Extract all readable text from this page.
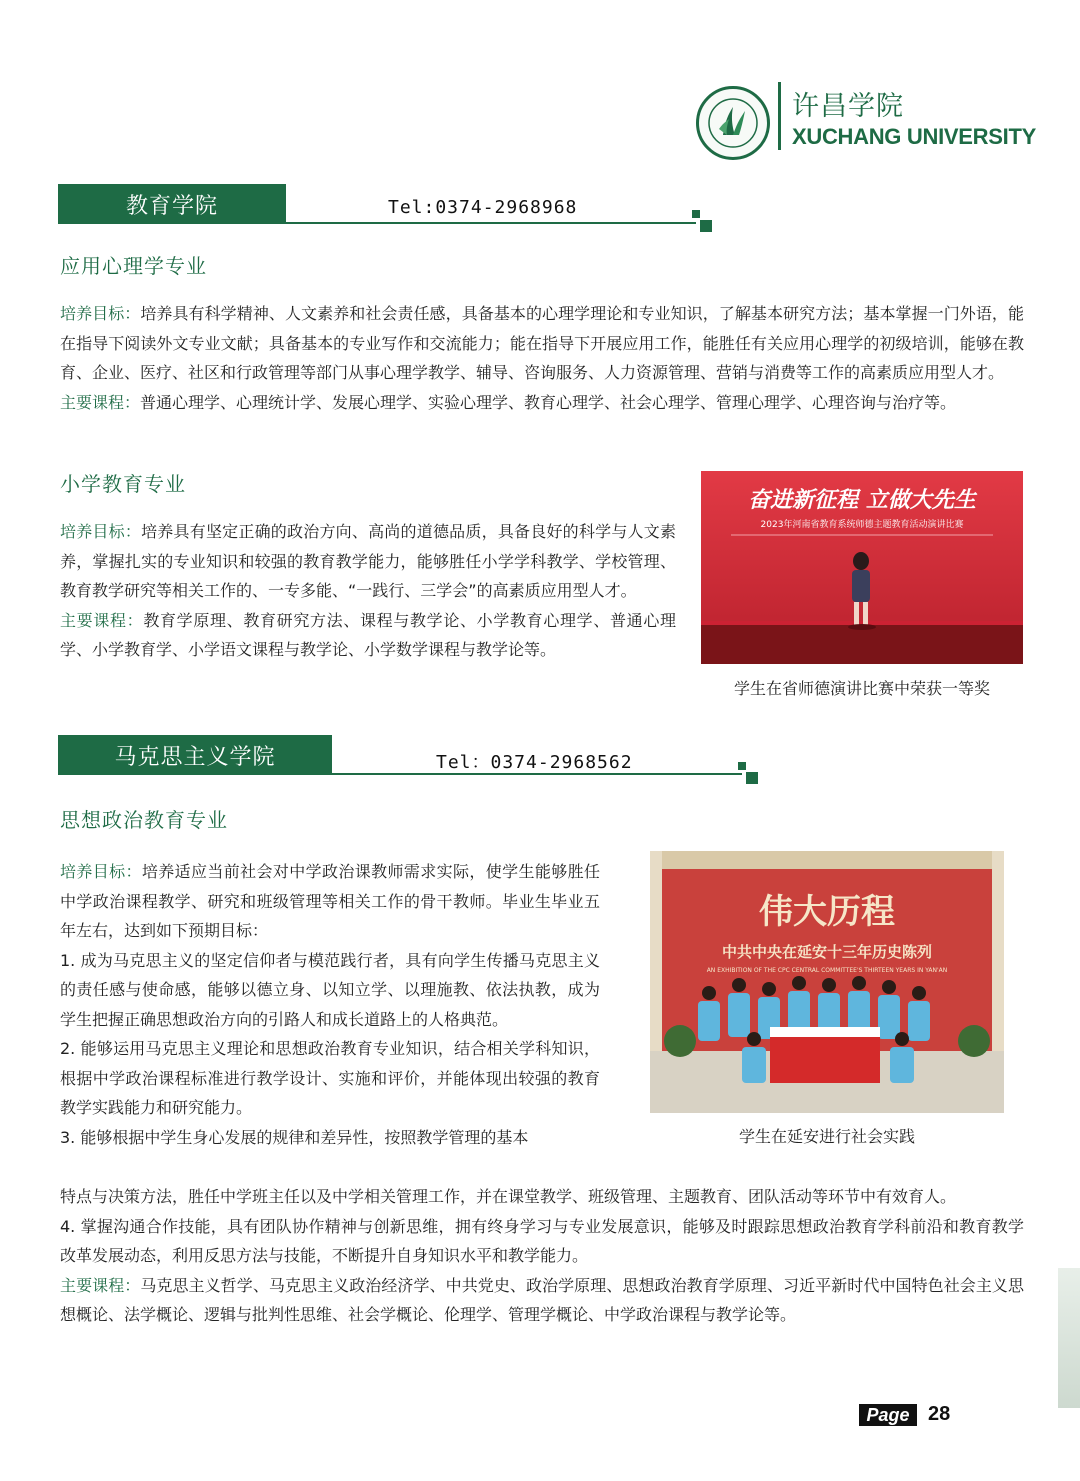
许昌学院
XUCHANG UNIVERSITY
教育学院	Tel:0374-2968968
应用心理学专业

培养目标：培养具有科学精神、人文素养和社会责任感，具备基本的心理学理论和专业知识，了解基本研究方法；基本掌握一门外语，能在指导下阅读外文专业文献；具备基本的专业写作和交流能力；能在指导下开展应用工作，能胜任有关应用心理学的初级培训，能够在教育、企业、医疗、社区和行政管理等部门从事心理学教学、辅导、咨询服务、人力资源管理、营销与消费等工作的高素质应用型人才。

主要课程：普通心理学、心理统计学、发展心理学、实验心理学、教育心理学、社会心理学、管理心理学、心理咨询与治疗等。

小学教育专业

培养目标：培养具有坚定正确的政治方向、高尚的道德品质，具备良好的科学与人文素养，掌握扎实的专业知识和较强的教育教学能力，能够胜任小学学科教学、学校管理、教育教学研究等相关工作的、一专多能、“一践行、三学会”的高素质应用型人才。

主要课程：教育学原理、教育研究方法、课程与教学论、小学教育心理学、普通心理学、小学教育学、小学语文课程与教学论、小学数学课程与教学论等。

奋进新征程 立做大先生
2023年河南省教育系统师德主题教育活动演讲比赛
学生在省师德演讲比赛中荣获一等奖
马克思主义学院	Tel：0374-2968562
思想政治教育专业

培养目标：培养适应当前社会对中学政治课教师需求实际，使学生能够胜任中学政治课程教学、研究和班级管理等相关工作的骨干教师。毕业生毕业五年左右，达到如下预期目标：

1. 成为马克思主义的坚定信仰者与模范践行者，具有向学生传播马克思主义的责任感与使命感，能够以德立身、以知立学、以理施教、依法执教，成为学生把握正确思想政治方向的引路人和成长道路上的人格典范。

2. 能够运用马克思主义理论和思想政治教育专业知识，结合相关学科知识，根据中学政治课程标准进行教学设计、实施和评价，并能体现出较强的教育教学实践能力和研究能力。

3. 能够根据中学生身心发展的规律和差异性，按照教学管理的基本

特点与决策方法，胜任中学班主任以及中学相关管理工作，并在课堂教学、班级管理、主题教育、团队活动等环节中有效育人。

4. 掌握沟通合作技能，具有团队协作精神与创新思维，拥有终身学习与专业发展意识，能够及时跟踪思想政治教育学科前沿和教育教学改革发展动态，利用反思方法与技能，不断提升自身知识水平和教学能力。

主要课程：马克思主义哲学、马克思主义政治经济学、中共党史、政治学原理、思想政治教育学原理、习近平新时代中国特色社会主义思想概论、法学概论、逻辑与批判性思维、社会学概论、伦理学、管理学概论、中学政治课程与教学论等。

伟大历程
中共中央在延安十三年历史陈列
AN EXHIBITION OF THE CPC CENTRAL COMMITTEE'S THIRTEEN YEARS IN YAN'AN
学生在延安进行社会实践
Page 28
